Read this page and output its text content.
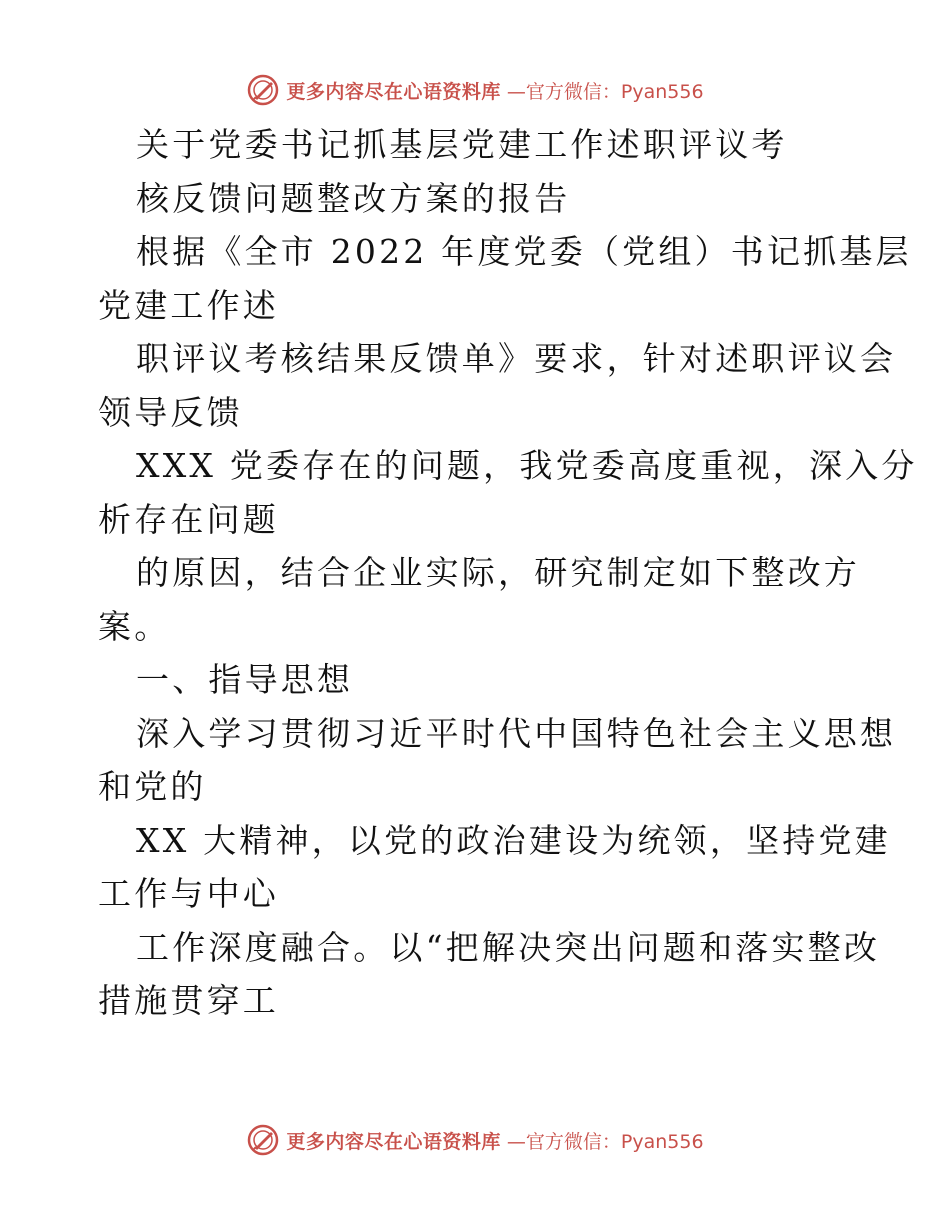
更多内容尽在心语资料库 —官方微信：Pyan556
关于党委书记抓基层党建工作述职评议考
核反馈问题整改方案的报告
根据《全市 2022 年度党委（党组）书记抓基层
党建工作述
职评议考核结果反馈单》要求，针对述职评议会
领导反馈
XXX 党委存在的问题，我党委高度重视，深入分
析存在问题
的原因，结合企业实际，研究制定如下整改方
案。
一、指导思想
深入学习贯彻习近平时代中国特色社会主义思想
和党的
XX 大精神，以党的政治建设为统领，坚持党建
工作与中心
工作深度融合。以“把解决突出问题和落实整改
措施贯穿工
更多内容尽在心语资料库 —官方微信：Pyan556
